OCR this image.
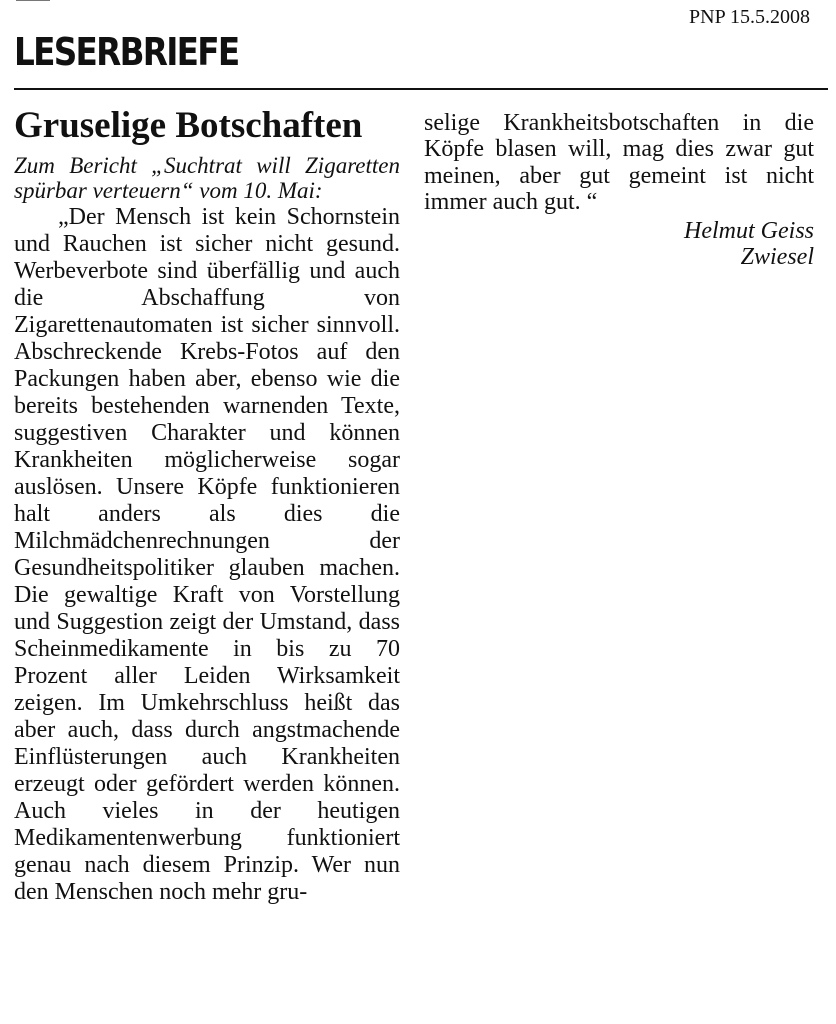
PNP 15.5.2008
LESERBRIEFE
Gruselige Botschaften

Zum Bericht „Suchtrat will Zigaretten spürbar verteuern“ vom 10. Mai:

„Der Mensch ist kein Schornstein und Rauchen ist sicher nicht gesund. Werbeverbote sind überfällig und auch die Abschaffung von Zigarettenautomaten ist sicher sinnvoll. Abschreckende Krebs-Fotos auf den Packungen haben aber, ebenso wie die bereits bestehenden warnenden Texte, suggestiven Charakter und können Krankheiten möglicherweise sogar auslösen. Unsere Köpfe funktionieren halt anders als dies die Milchmädchenrechnungen der Gesundheitspolitiker glauben machen. Die gewaltige Kraft von Vorstellung und Suggestion zeigt der Umstand, dass Scheinmedikamente in bis zu 70 Prozent aller Leiden Wirksamkeit zeigen. Im Umkehrschluss heißt das aber auch, dass durch angstmachende Einflüsterungen auch Krankheiten erzeugt oder gefördert werden können. Auch vieles in der heutigen Medikamentenwerbung funktioniert genau nach diesem Prinzip. Wer nun den Menschen noch mehr gru-

selige Krankheitsbotschaften in die Köpfe blasen will, mag dies zwar gut meinen, aber gut gemeint ist nicht immer auch gut. “

Helmut Geiss
Zwiesel
